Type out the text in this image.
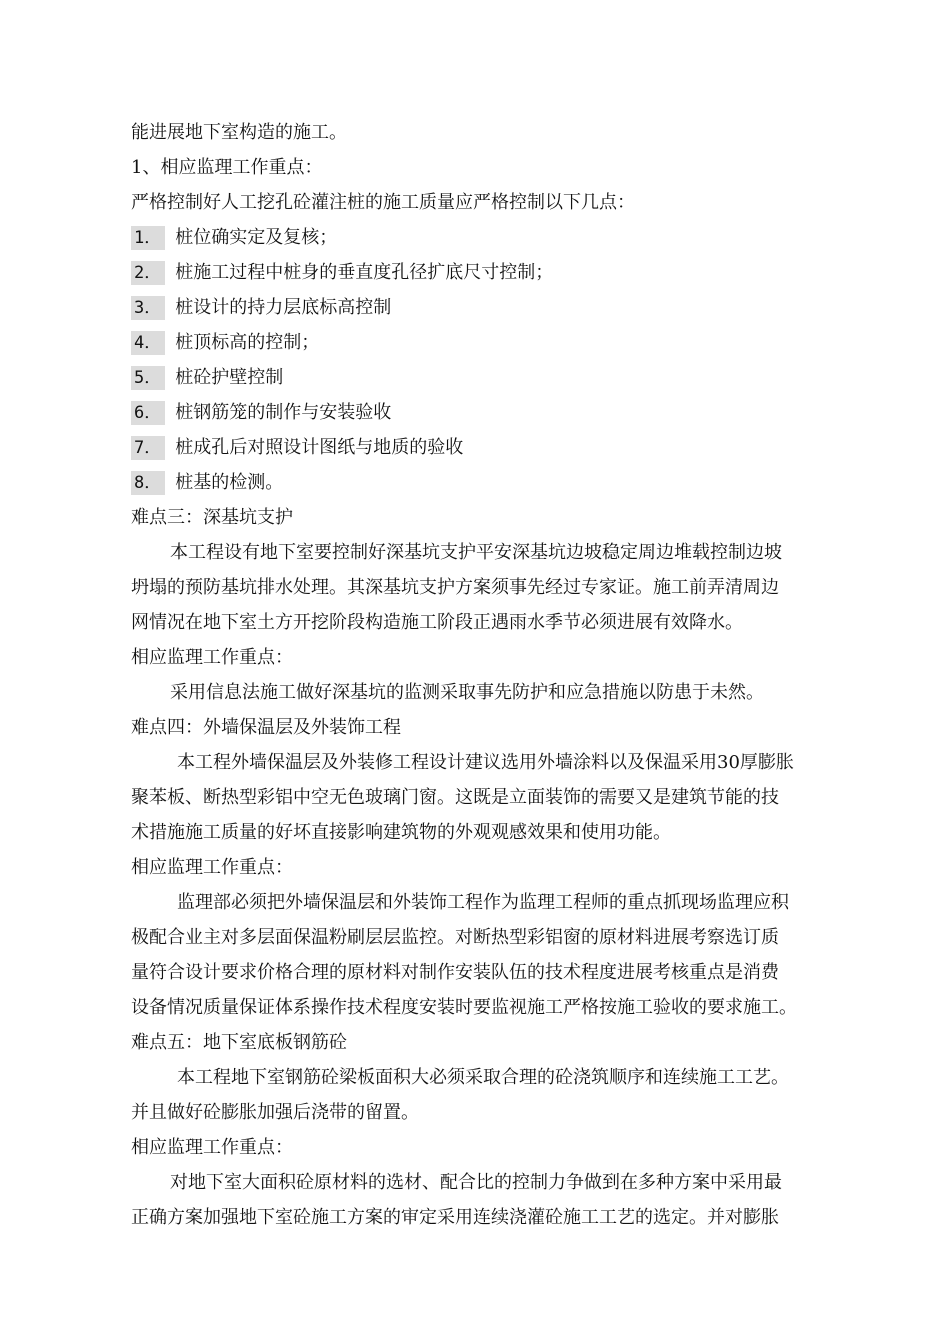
能进展地下室构造的施工。
1、相应监理工作重点：
严格控制好人工挖孔砼灌注桩的施工质量应严格控制以下几点：
1． 桩位确实定及复核；
2． 桩施工过程中桩身的垂直度孔径扩底尺寸控制；
3． 桩设计的持力层底标高控制
4． 桩顶标高的控制；
5． 桩砼护壁控制
6． 桩钢筋笼的制作与安装验收
7． 桩成孔后对照设计图纸与地质的验收
8． 桩基的检测。
难点三：深基坑支护
本工程设有地下室要控制好深基坑支护平安深基坑边坡稳定周边堆载控制边坡
坍塌的预防基坑排水处理。其深基坑支护方案须事先经过专家证。施工前弄清周边
网情况在地下室土方开挖阶段构造施工阶段正遇雨水季节必须进展有效降水。
相应监理工作重点：
采用信息法施工做好深基坑的监测采取事先防护和应急措施以防患于未然。
难点四：外墙保温层及外装饰工程
本工程外墙保温层及外装修工程设计建议选用外墙涂料以及保温采用30厚膨胀
聚苯板、断热型彩铝中空无色玻璃门窗。这既是立面装饰的需要又是建筑节能的技
术措施施工质量的好坏直接影响建筑物的外观观感效果和使用功能。
相应监理工作重点：
监理部必须把外墙保温层和外装饰工程作为监理工程师的重点抓现场监理应积
极配合业主对多层面保温粉刷层层监控。对断热型彩铝窗的原材料进展考察选订质
量符合设计要求价格合理的原材料对制作安装队伍的技术程度进展考核重点是消费
设备情况质量保证体系操作技术程度安装时要监视施工严格按施工验收的要求施工。
难点五：地下室底板钢筋砼
本工程地下室钢筋砼梁板面积大必须采取合理的砼浇筑顺序和连续施工工艺。
并且做好砼膨胀加强后浇带的留置。
相应监理工作重点：
对地下室大面积砼原材料的选材、配合比的控制力争做到在多种方案中采用最
正确方案加强地下室砼施工方案的审定采用连续浇灌砼施工工艺的选定。并对膨胀
